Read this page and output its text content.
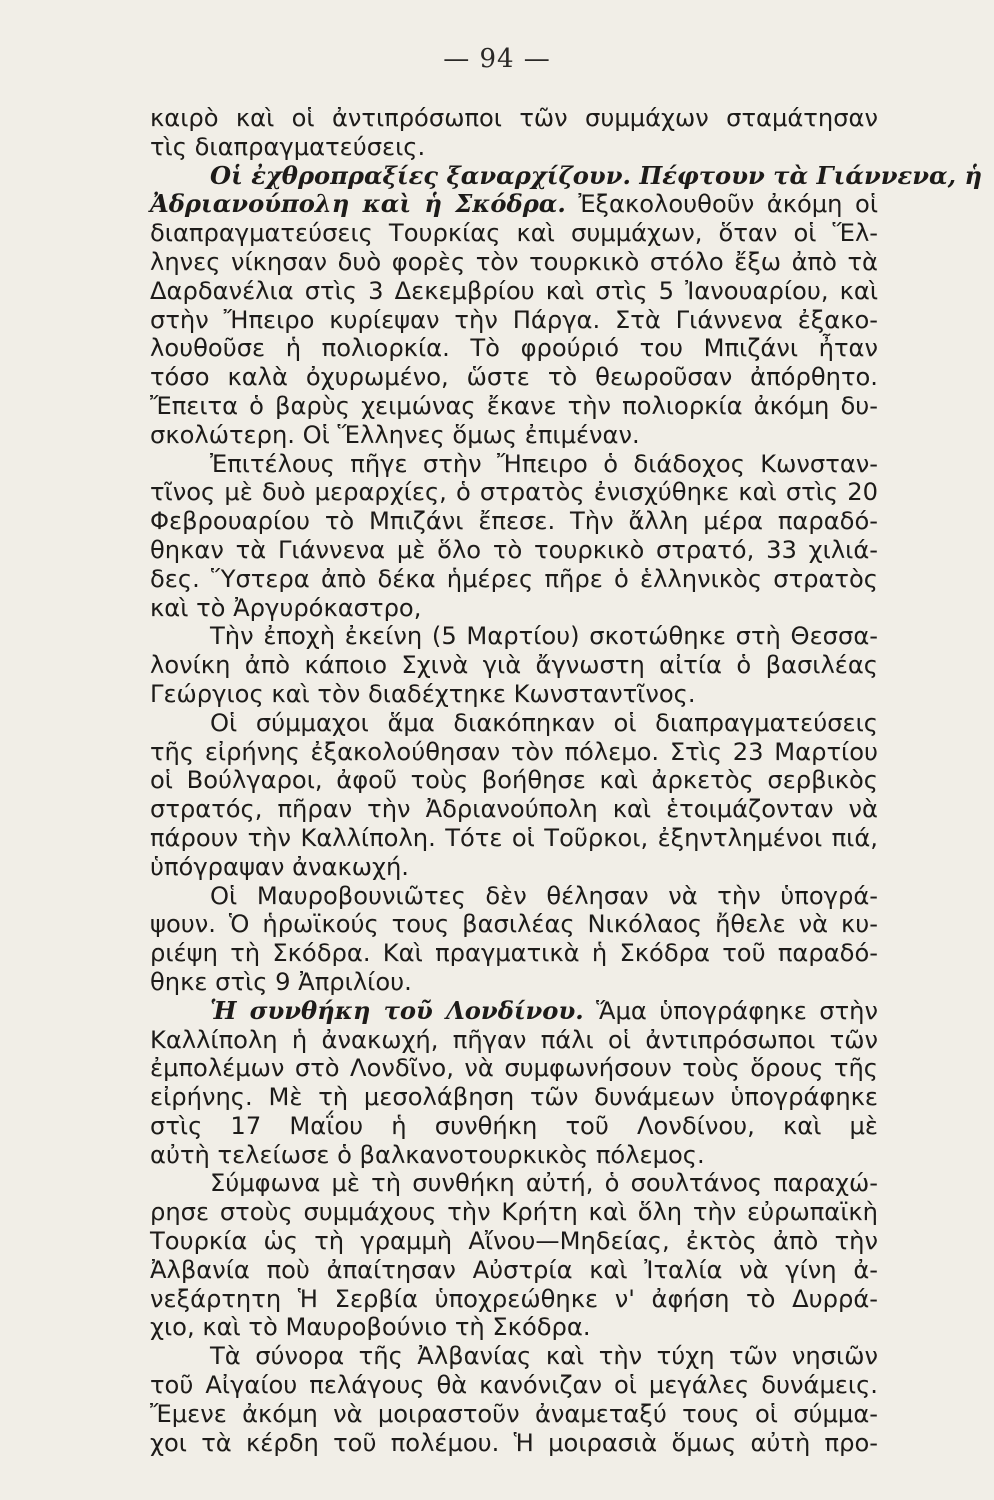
— 94 —
καιρὸ καὶ οἱ ἀντιπρόσωποι τῶν συμμάχων σταμάτησαν
τὶς διαπραγματεύσεις.
Οἱ ἐχθροπραξίες ξαναρχίζουν. Πέφτουν τὰ Γιάννενα, ἡ
Ἀδριανούπολη καὶ ἡ Σκόδρα. Ἐξακολουθοῦν ἀκόμη οἱ
διαπραγματεύσεις Τουρκίας καὶ συμμάχων, ὅταν οἱ Ἕλ-
ληνες νίκησαν δυὸ φορὲς τὸν τουρκικὸ στόλο ἔξω ἀπὸ τὰ
Δαρδανέλια στὶς 3 Δεκεμβρίου καὶ στὶς 5 Ἰανουαρίου, καὶ
στὴν Ἤπειρο κυρίεψαν τὴν Πάργα. Στὰ Γιάννενα ἐξακο-
λουθοῦσε ἡ πολιορκία. Τὸ φρούριό του Μπιζάνι ἦταν
τόσο καλὰ ὀχυρωμένο, ὥστε τὸ θεωροῦσαν ἀπόρθητο.
Ἔπειτα ὁ βαρὺς χειμώνας ἔκανε τὴν πολιορκία ἀκόμη δυ-
σκολώτερη. Οἱ Ἕλληνες ὅμως ἐπιμέναν.
Ἐπιτέλους πῆγε στὴν Ἤπειρο ὁ διάδοχος Κωνσταν-
τῖνος μὲ δυὸ μεραρχίες, ὁ στρατὸς ἐνισχύθηκε καὶ στὶς 20
Φεβρουαρίου τὸ Μπιζάνι ἔπεσε. Τὴν ἄλλη μέρα παραδό-
θηκαν τὰ Γιάννενα μὲ ὅλο τὸ τουρκικὸ στρατό, 33 χιλιά-
δες. Ὕστερα ἀπὸ δέκα ἡμέρες πῆρε ὁ ἑλληνικὸς στρατὸς
καὶ τὸ Ἀργυρόκαστρο,
Τὴν ἐποχὴ ἐκείνη (5 Μαρτίου) σκοτώθηκε στὴ Θεσσα-
λονίκη ἀπὸ κάποιο Σχινὰ γιὰ ἄγνωστη αἰτία ὁ βασιλέας
Γεώργιος καὶ τὸν διαδέχτηκε Κωνσταντῖνος.
Οἱ σύμμαχοι ἅμα διακόπηκαν οἱ διαπραγματεύσεις
τῆς εἰρήνης ἐξακολούθησαν τὸν πόλεμο. Στὶς 23 Μαρτίου
οἱ Βούλγαροι, ἀφοῦ τοὺς βοήθησε καὶ ἀρκετὸς σερβικὸς
στρατός, πῆραν τὴν Ἀδριανούπολη καὶ ἑτοιμάζονταν νὰ
πάρουν τὴν Καλλίπολη. Τότε οἱ Τοῦρκοι, ἐξηντλημένοι πιά,
ὑπόγραψαν ἀνακωχή.
Οἱ Μαυροβουνιῶτες δὲν θέλησαν νὰ τὴν ὑπογρά-
ψουν. Ὁ ἡρωϊκούς τους βασιλέας Νικόλαος ἤθελε νὰ κυ-
ριέψη τὴ Σκόδρα. Καὶ πραγματικὰ ἡ Σκόδρα τοῦ παραδό-
θηκε στὶς 9 Ἀπριλίου.
Ἡ συνθήκη τοῦ Λονδίνου. Ἅμα ὑπογράφηκε στὴν
Καλλίπολη ἡ ἀνακωχή, πῆγαν πάλι οἱ ἀντιπρόσωποι τῶν
ἐμπολέμων στὸ Λονδῖνο, νὰ συμφωνήσουν τοὺς ὅρους τῆς
εἰρήνης. Μὲ τὴ μεσολάβηση τῶν δυνάμεων ὑπογράφηκε
στὶς 17 Μαΐου ἡ συνθήκη τοῦ Λονδίνου, καὶ μὲ
αὐτὴ τελείωσε ὁ βαλκανοτουρκικὸς πόλεμος.
Σύμφωνα μὲ τὴ συνθήκη αὐτή, ὁ σουλτάνος παραχώ-
ρησε στοὺς συμμάχους τὴν Κρήτη καὶ ὅλη τὴν εὐρωπαϊκὴ
Τουρκία ὡς τὴ γραμμὴ Αἴνου—Μηδείας, ἐκτὸς ἀπὸ τὴν
Ἀλβανία ποὺ ἀπαίτησαν Αὐστρία καὶ Ἰταλία νὰ γίνη ἀ-
νεξάρτητη Ἡ Σερβία ὑποχρεώθηκε ν' ἀφήση τὸ Δυρρά-
χιο, καὶ τὸ Μαυροβούνιο τὴ Σκόδρα.
Τὰ σύνορα τῆς Ἀλβανίας καὶ τὴν τύχη τῶν νησιῶν
τοῦ Αἰγαίου πελάγους θὰ κανόνιζαν οἱ μεγάλες δυνάμεις.
Ἔμενε ἀκόμη νὰ μοιραστοῦν ἀναμεταξύ τους οἱ σύμμα-
χοι τὰ κέρδη τοῦ πολέμου. Ἡ μοιρασιὰ ὅμως αὐτὴ προ-
